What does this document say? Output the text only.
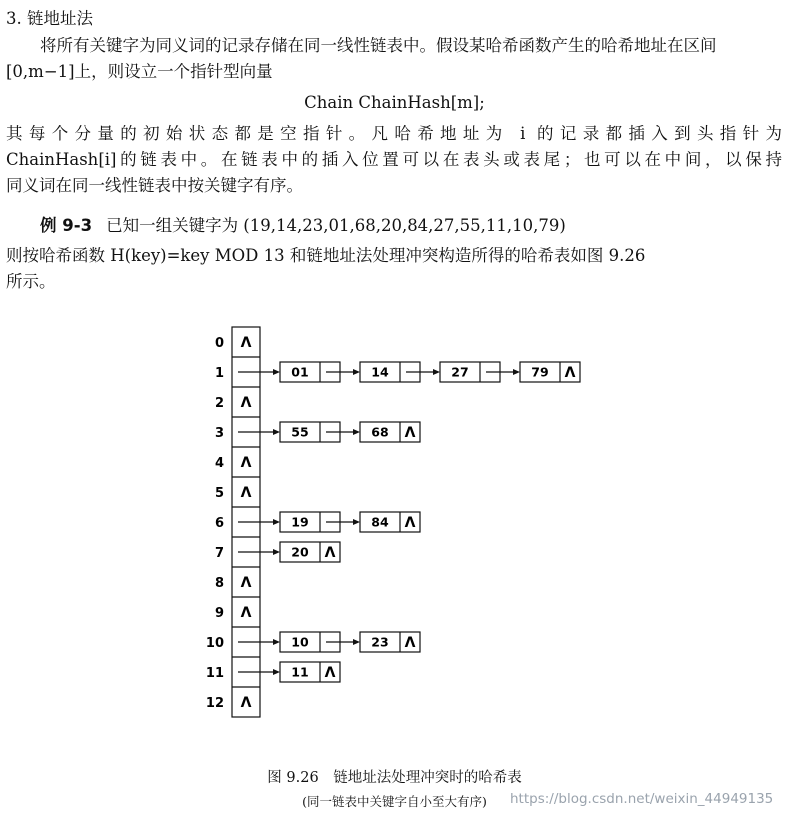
3. 链地址法
将所有关键字为同义词的记录存储在同一线性链表中。假设某哈希函数产生的哈希地址在区间[0,m−1]上，则设立一个指针型向量
Chain ChainHash[m];
其每个分量的初始状态都是空指针。凡哈希地址为 i 的记录都插入到头指针为
ChainHash[i]的链表中。在链表中的插入位置可以在表头或表尾；也可以在中间，以保持
同义词在同一线性链表中按关键字有序。
例 9-3 已知一组关键字为 (19,14,23,01,68,20,84,27,55,11,10,79)
则按哈希函数 H(key)=key MOD 13 和链地址法处理冲突构造所得的哈希表如图 9.26
所示。
0 Λ
1	01	14	27	79 Λ
2 Λ
3	55	68 Λ
4 Λ
5 Λ
6	19	84 Λ
7	20 Λ
8 Λ
9 Λ
10	10	23 Λ
11	11 Λ
12 Λ
图 9.26　链地址法处理冲突时的哈希表
(同一链表中关键字自小至大有序)	https://blog.csdn.net/weixin_44949135
